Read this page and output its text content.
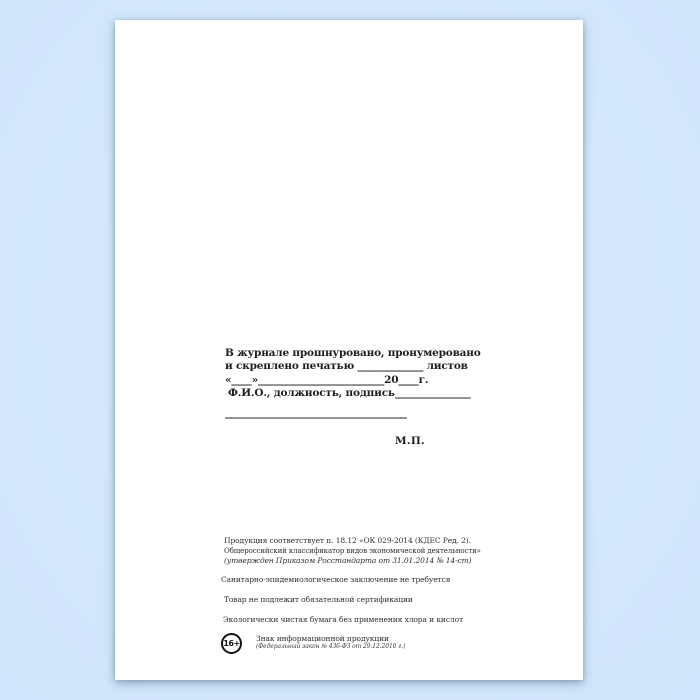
В журнале прошнуровано, пронумеровано
и скреплено печатью _____________ листов
«____»_________________________20____г.
Ф.И.О., должность, подпись_______________
_______________________________________
М.П.
Продукция соответствует п. 18.12 «ОК 029-2014 (КДЕС Ред. 2).
Общероссийский классификатор видов экономической деятельности»
(утвержден Приказом Росстандарта от 31.01.2014 № 14-ст)
Санитарно-эпидемиологическое заключение не требуется
Товар не подлежит обязательной сертификации
Экологически чистая бумага без применения хлора и кислот
16+
Знак информационной продукции
(Федеральный закон № 436-ФЗ от 29.12.2010 г.)
